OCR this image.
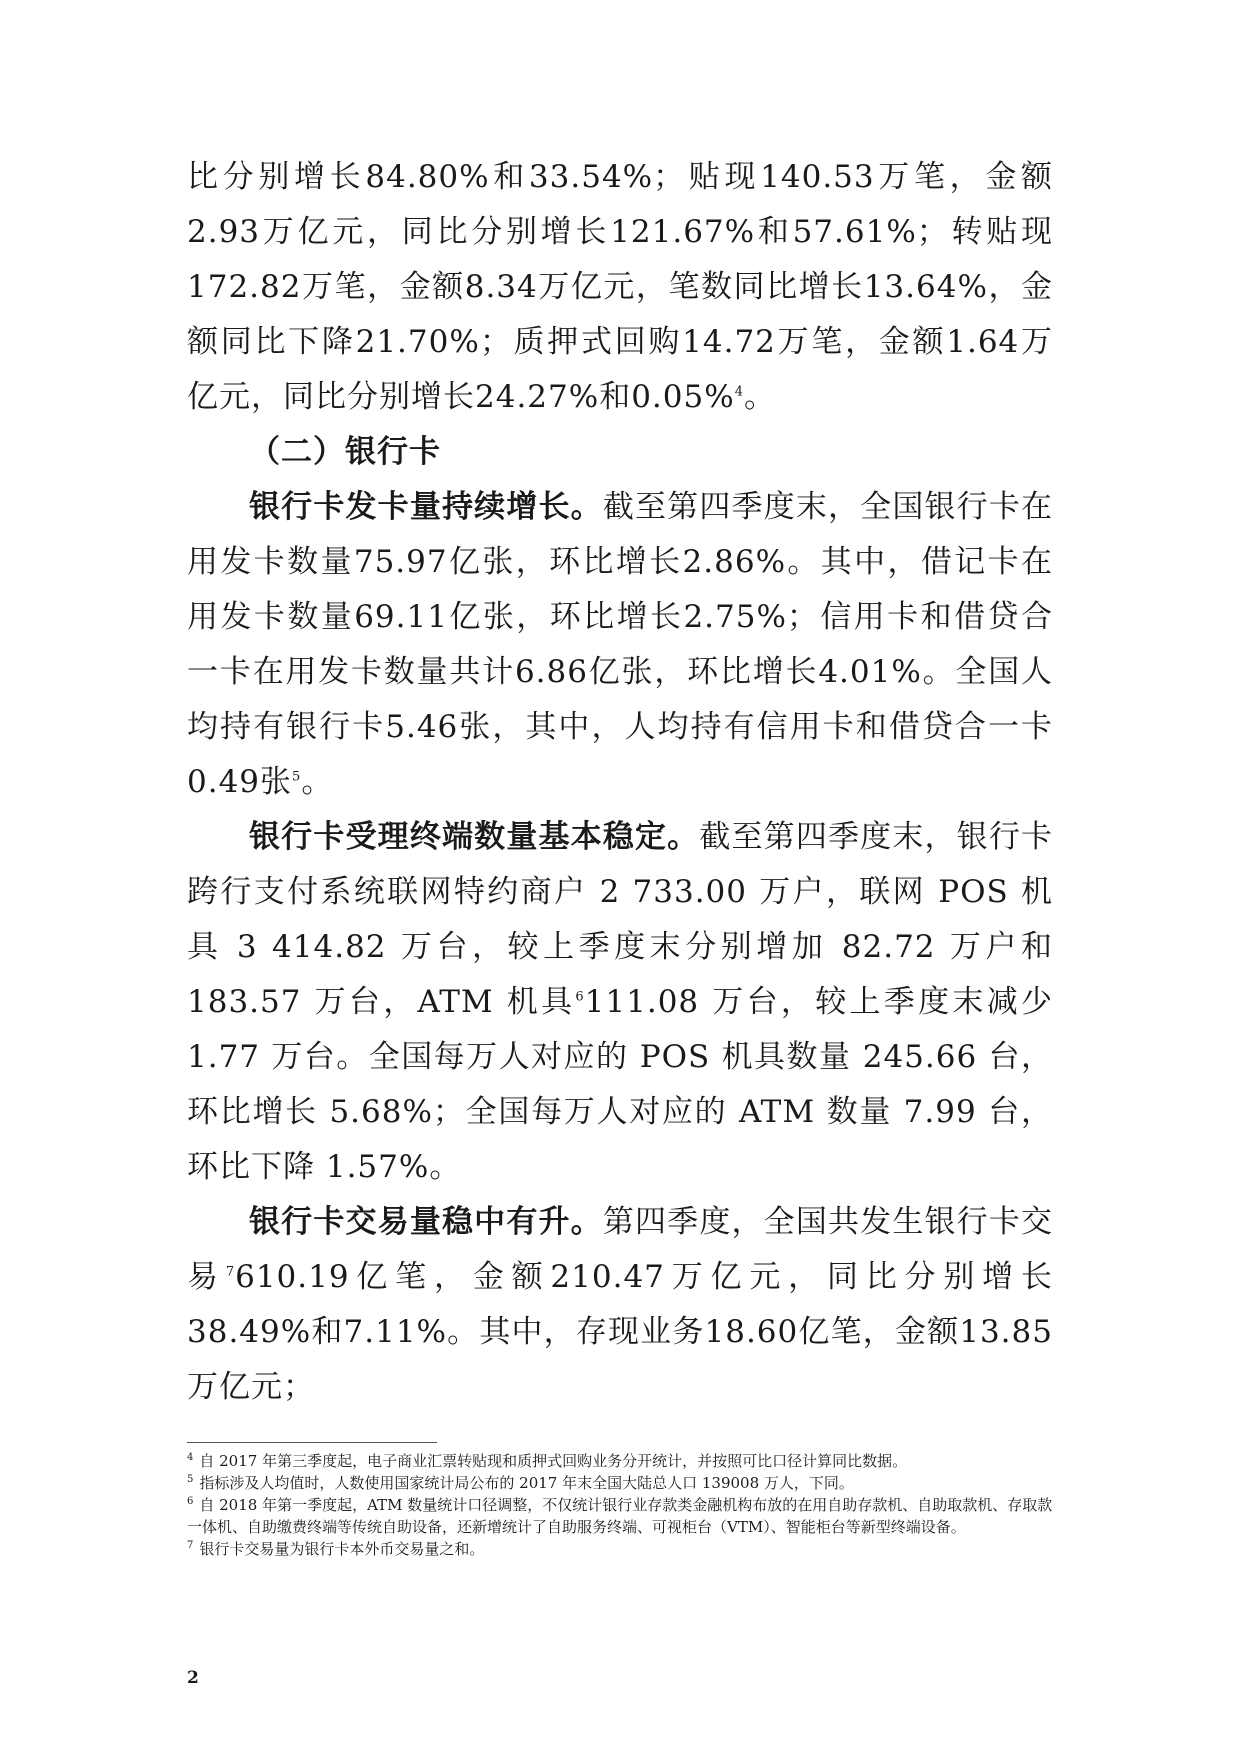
比分别增长84.80%和33.54%；贴现140.53万笔，金额2.93万亿元，同比分别增长121.67%和57.61%；转贴现172.82万笔，金额8.34万亿元，笔数同比增长13.64%，金额同比下降21.70%；质押式回购14.72万笔，金额1.64万亿元，同比分别增长24.27%和0.05%$^4$。

（二）银行卡

银行卡发卡量持续增长。截至第四季度末，全国银行卡在用发卡数量75.97亿张，环比增长2.86%。其中，借记卡在用发卡数量69.11亿张，环比增长2.75%；信用卡和借贷合一卡在用发卡数量共计6.86亿张，环比增长4.01%。全国人均持有银行卡5.46张，其中，人均持有信用卡和借贷合一卡0.49张$^5$。

银行卡受理终端数量基本稳定。截至第四季度末，银行卡跨行支付系统联网特约商户 2 733.00 万户，联网 POS 机具 3 414.82 万台，较上季度末分别增加 82.72 万户和 183.57 万台，ATM 机具$^6$111.08 万台，较上季度末减少 1.77 万台。全国每万人对应的 POS 机具数量 245.66 台，环比增长 5.68%；全国每万人对应的 ATM 数量 7.99 台，环比下降 1.57%。

银行卡交易量稳中有升。第四季度，全国共发生银行卡交易$^7$610.19亿笔，金额210.47万亿元，同比分别增长38.49%和7.11%。其中，存现业务18.60亿笔，金额13.85万亿元；

$^4$ 自 2017 年第三季度起，电子商业汇票转贴现和质押式回购业务分开统计，并按照可比口径计算同比数据。

$^5$ 指标涉及人均值时，人数使用国家统计局公布的 2017 年末全国大陆总人口 139008 万人，下同。

$^6$ 自 2018 年第一季度起，ATM 数量统计口径调整，不仅统计银行业存款类金融机构布放的在用自助存款机、自助取款机、存取款一体机、自助缴费终端等传统自助设备，还新增统计了自助服务终端、可视柜台（VTM）、智能柜台等新型终端设备。

$^7$ 银行卡交易量为银行卡本外币交易量之和。

2
